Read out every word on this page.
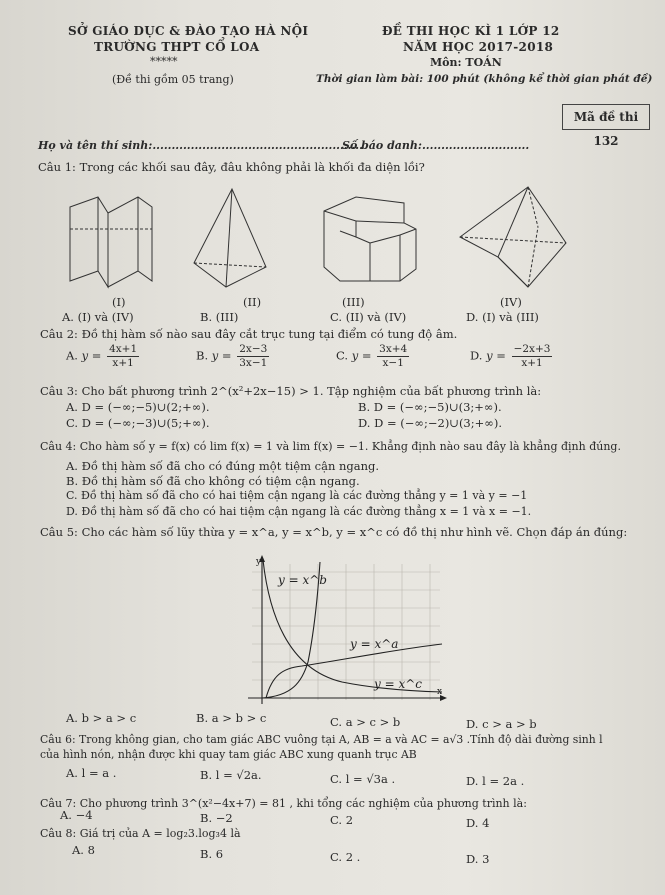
SỞ GIÁO DỤC & ĐÀO TẠO HÀ NỘI
TRƯỜNG THPT CỔ LOA
*****
(Đề thi gồm 05 trang)
ĐỀ THI HỌC KÌ 1 LỚP 12
NĂM HỌC 2017-2018
Môn: TOÁN
Thời gian làm bài: 100 phút (không kể thời gian phát đề)
Mã đề thi 132
Họ và tên thí sinh:.......................................................
Số báo danh:............................
Câu 1: Trong các khối sau đây, đâu không phải là khối đa diện lồi?
(I)	(II)	(III)	(IV)
A. (I) và (IV)	B. (III)	C. (II) và (IV)	D. (I) và (III)
Câu 2: Đồ thị hàm số nào sau đây cắt trục tung tại điểm có tung độ âm.
A. $y = \frac{4x+1}{x+1}$	B. $y = \frac{2x-3}{3x-1}$	C. $y = \frac{3x+4}{x-1}$	D. $y = \frac{-2x+3}{x+1}$
Câu 3: Cho bất phương trình 2^(x²+2x−15) > 1. Tập nghiệm của bất phương trình là:
A. D = (−∞;−5)∪(2;+∞).	B. D = (−∞;−5)∪(3;+∞).
C. D = (−∞;−3)∪(5;+∞).	D. D = (−∞;−2)∪(3;+∞).
Câu 4: Cho hàm số y = f(x) có lim f(x) = 1 và lim f(x) = −1. Khẳng định nào sau đây là khẳng định đúng.
A. Đồ thị hàm số đã cho có đúng một tiệm cận ngang.
B. Đồ thị hàm số đã cho không có tiệm cận ngang.
C. Đồ thị hàm số đã cho có hai tiệm cận ngang là các đường thẳng y = 1 và y = −1
D. Đồ thị hàm số đã cho có hai tiệm cận ngang là các đường thẳng x = 1 và x = −1.
Câu 5: Cho các hàm số lũy thừa y = x^a, y = x^b, y = x^c có đồ thị như hình vẽ. Chọn đáp án đúng:
y
x
y = x^b
y = x^a
y = x^c
A. b > a > c	B. a > b > c	C. a > c > b	D. c > a > b
Câu 6: Trong không gian, cho tam giác ABC vuông tại A, AB = a và AC = a√3 .Tính độ dài đường sinh l
của hình nón, nhận được khi quay tam giác ABC xung quanh trục AB
A. l = a .	B. l = √2a.	C. l = √3a .	D. l = 2a .
Câu 7: Cho phương trình 3^(x²−4x+7) = 81 , khi tổng các nghiệm của phương trình là:
A. −4	B. −2	C. 2	D. 4
Câu 8: Giá trị của A = log₂3.log₃4 là
A. 8	B. 6	C. 2 .	D. 3
